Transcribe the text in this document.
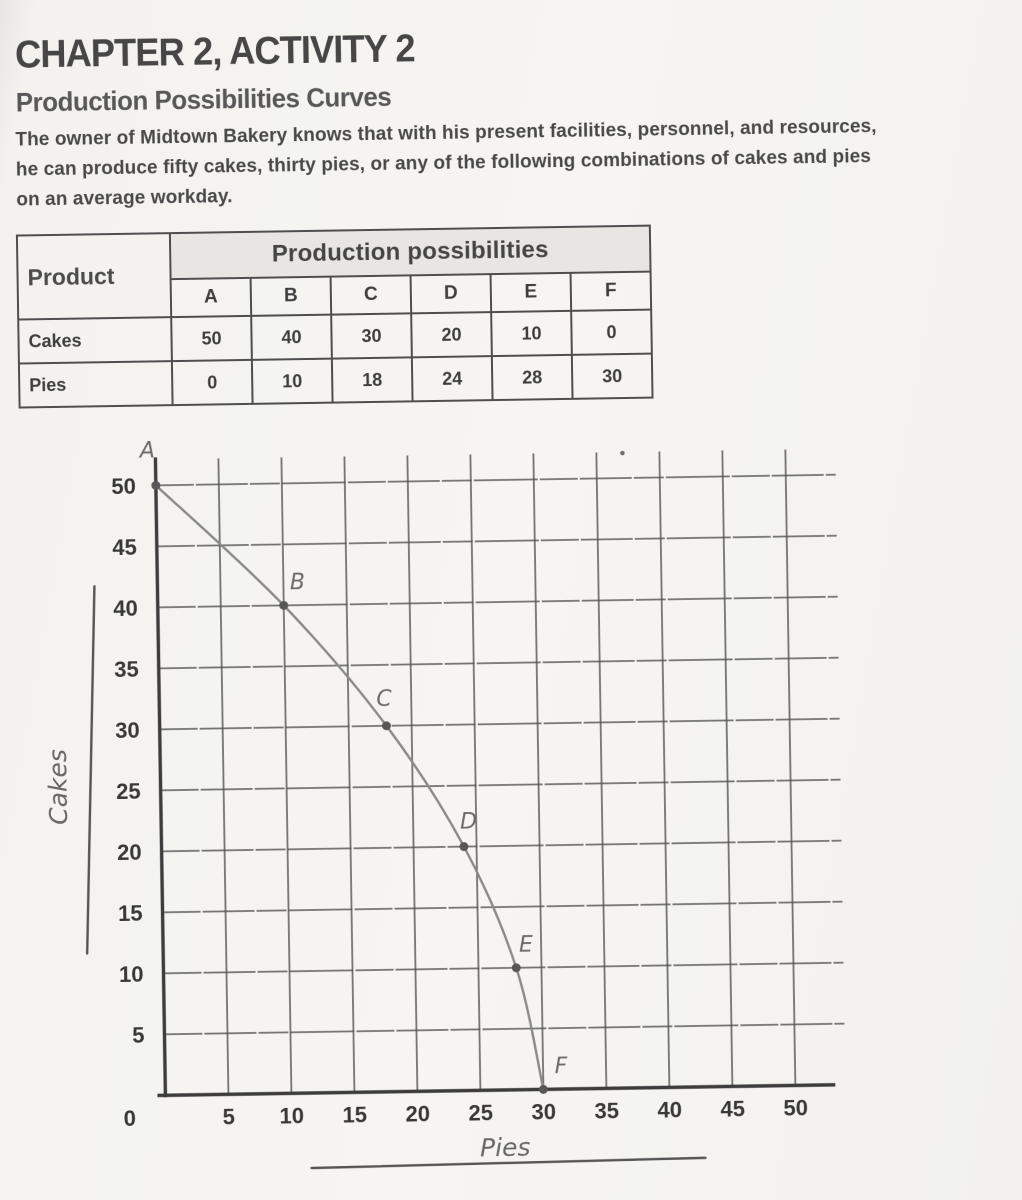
CHAPTER 2, ACTIVITY 2
Production Possibilities Curves
The owner of Midtown Bakery knows that with his present facilities, personnel, and resources,
he can produce fifty cakes, thirty pies, or any of the following combinations of cakes and pies
on an average workday.
Product	Production possibilities					
	A	B	C	D	E	F
Cakes	50	40	30	20	10	0
Pies	0	10	18	24	28	30
5
10
15
20
25
30
35
40
45
50
0	5 10 15 20 25 30 35 40 45 50
A
B
C
D
E
F
Cakes
Pies
